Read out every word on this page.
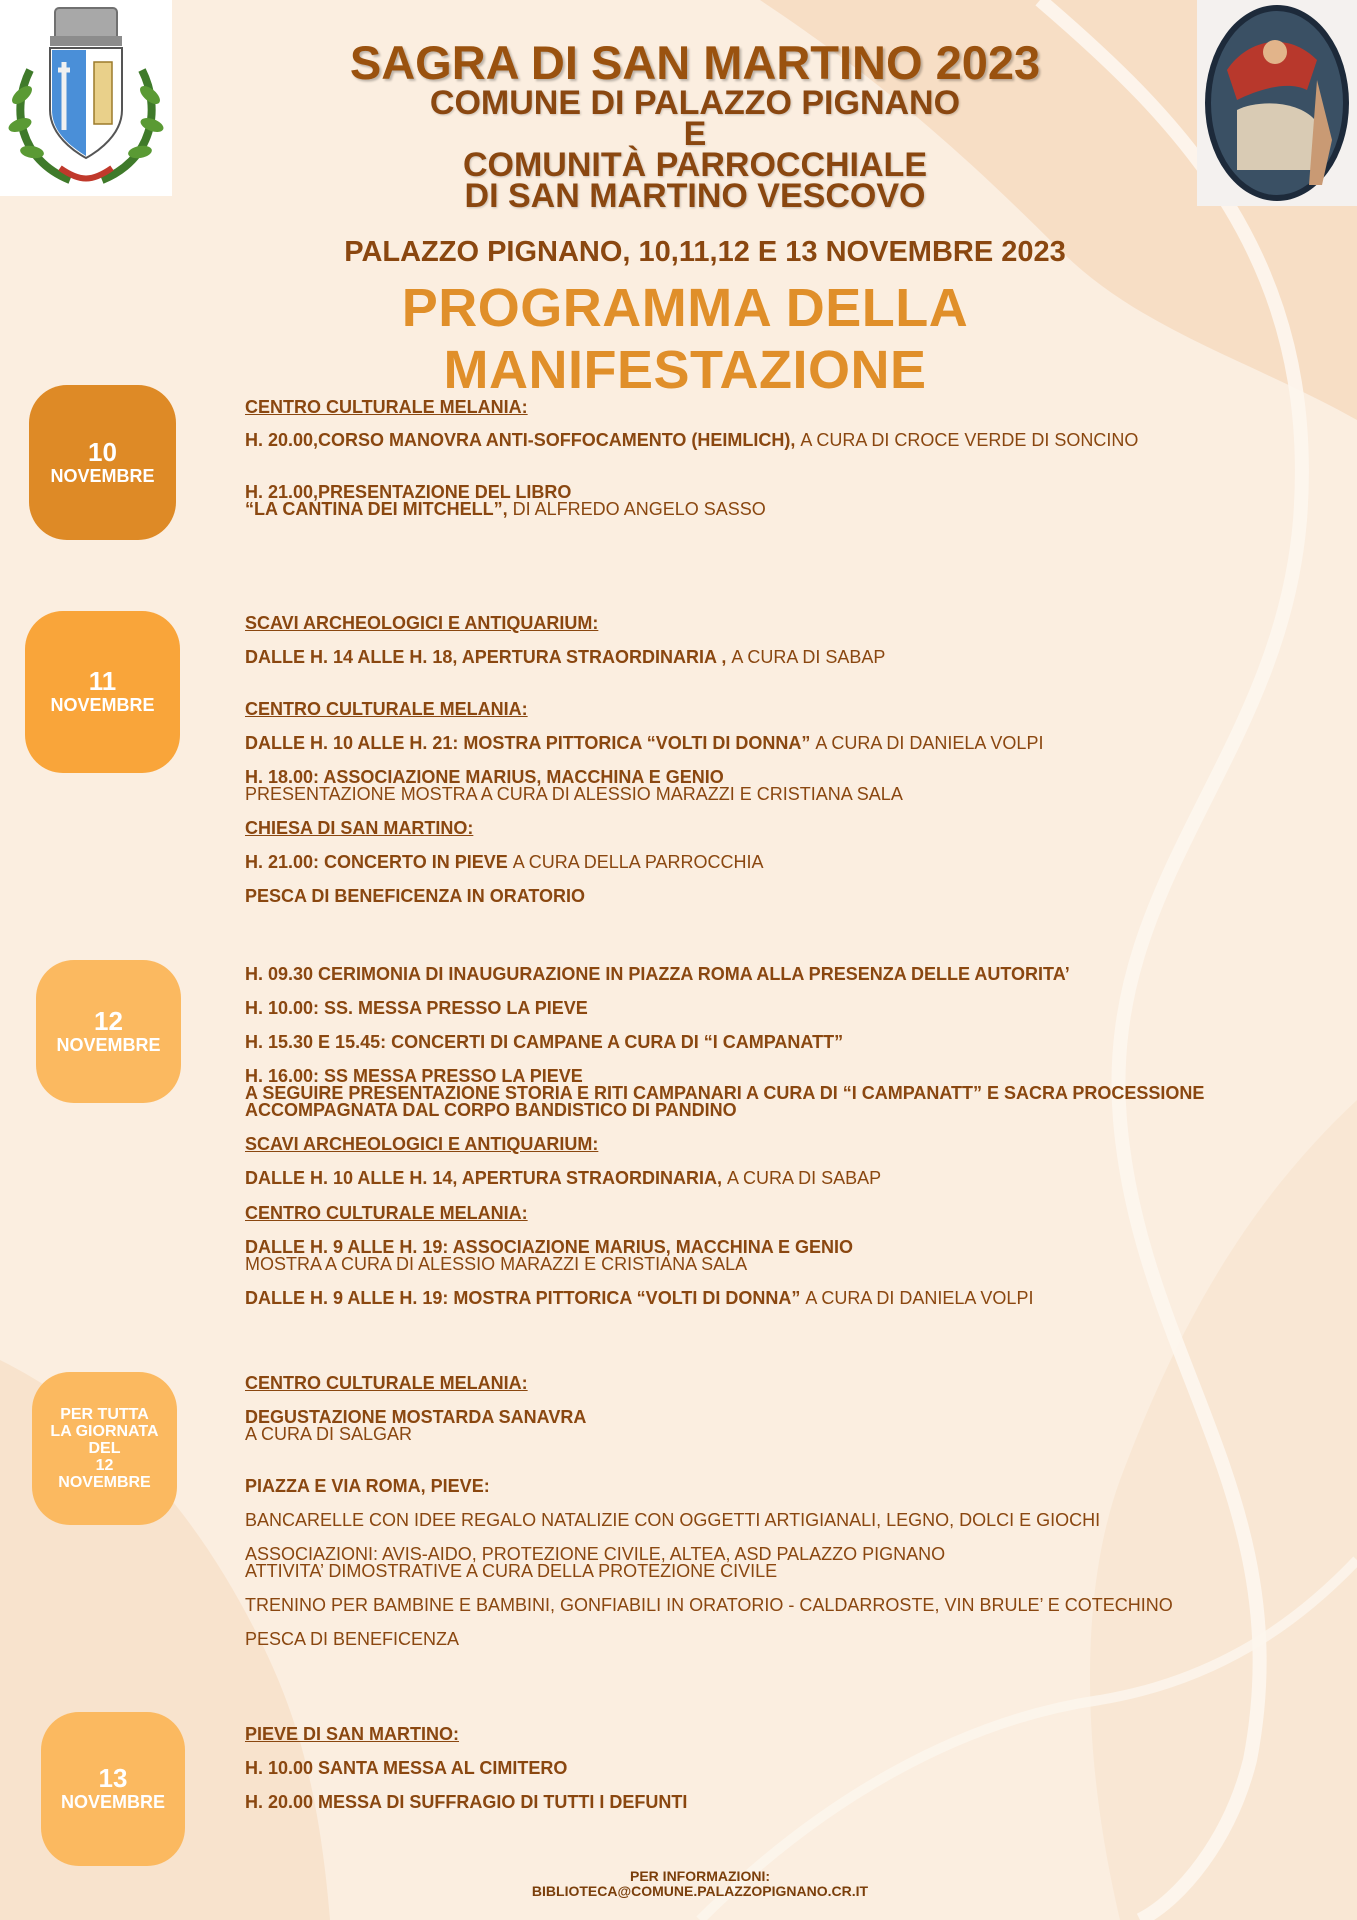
SAGRA DI SAN MARTINO 2023
COMUNE DI PALAZZO PIGNANO
E
COMUNITÀ PARROCCHIALE
DI SAN MARTINO VESCOVO
PALAZZO PIGNANO, 10,11,12 E 13 NOVEMBRE 2023
PROGRAMMA DELLA MANIFESTAZIONE
10
NOVEMBRE
11
NOVEMBRE
12
NOVEMBRE
PER TUTTA
LA GIORNATA
DEL
12
NOVEMBRE
13
NOVEMBRE
CENTRO CULTURALE MELANIA:
H. 20.00,CORSO MANOVRA ANTI-SOFFOCAMENTO (HEIMLICH), A CURA DI CROCE VERDE DI SONCINO
H. 21.00,PRESENTAZIONE DEL LIBRO
“LA CANTINA DEI MITCHELL”, DI ALFREDO ANGELO SASSO
SCAVI ARCHEOLOGICI E ANTIQUARIUM:
DALLE H. 14 ALLE H. 18, APERTURA STRAORDINARIA , A CURA DI SABAP
CENTRO CULTURALE MELANIA:
DALLE H. 10 ALLE H. 21: MOSTRA PITTORICA “VOLTI DI DONNA” A CURA DI DANIELA VOLPI
H. 18.00: ASSOCIAZIONE MARIUS, MACCHINA E GENIO
PRESENTAZIONE MOSTRA A CURA DI ALESSIO MARAZZI E CRISTIANA SALA
CHIESA DI SAN MARTINO:
H. 21.00: CONCERTO IN PIEVE A CURA DELLA PARROCCHIA
PESCA DI BENEFICENZA IN ORATORIO
H. 09.30 CERIMONIA DI INAUGURAZIONE IN PIAZZA ROMA ALLA PRESENZA DELLE AUTORITA’
H. 10.00: SS. MESSA PRESSO LA PIEVE
H. 15.30 E 15.45: CONCERTI DI CAMPANE A CURA DI “I CAMPANATT”
H. 16.00: SS MESSA PRESSO LA PIEVE
A SEGUIRE PRESENTAZIONE STORIA E RITI CAMPANARI A CURA DI “I CAMPANATT” E SACRA PROCESSIONE
ACCOMPAGNATA DAL CORPO BANDISTICO DI PANDINO
SCAVI ARCHEOLOGICI E ANTIQUARIUM:
DALLE H. 10 ALLE H. 14, APERTURA STRAORDINARIA, A CURA DI SABAP
CENTRO CULTURALE MELANIA:
DALLE H. 9 ALLE H. 19: ASSOCIAZIONE MARIUS, MACCHINA E GENIO
MOSTRA A CURA DI ALESSIO MARAZZI E CRISTIANA SALA
DALLE H. 9 ALLE H. 19: MOSTRA PITTORICA “VOLTI DI DONNA” A CURA DI DANIELA VOLPI
CENTRO CULTURALE MELANIA:
DEGUSTAZIONE MOSTARDA SANAVRA
A CURA DI SALGAR
PIAZZA E VIA ROMA, PIEVE:
BANCARELLE CON IDEE REGALO NATALIZIE CON OGGETTI ARTIGIANALI, LEGNO, DOLCI E GIOCHI
ASSOCIAZIONI: AVIS-AIDO, PROTEZIONE CIVILE, ALTEA, ASD PALAZZO PIGNANO
ATTIVITA’ DIMOSTRATIVE A CURA DELLA PROTEZIONE CIVILE
TRENINO PER BAMBINE E BAMBINI, GONFIABILI IN ORATORIO - CALDARROSTE, VIN BRULE’ E COTECHINO
PESCA DI BENEFICENZA
PIEVE DI SAN MARTINO:
H. 10.00 SANTA MESSA AL CIMITERO
H. 20.00 MESSA DI SUFFRAGIO DI TUTTI I DEFUNTI
PER INFORMAZIONI:
BIBLIOTECA@COMUNE.PALAZZOPIGNANO.CR.IT
